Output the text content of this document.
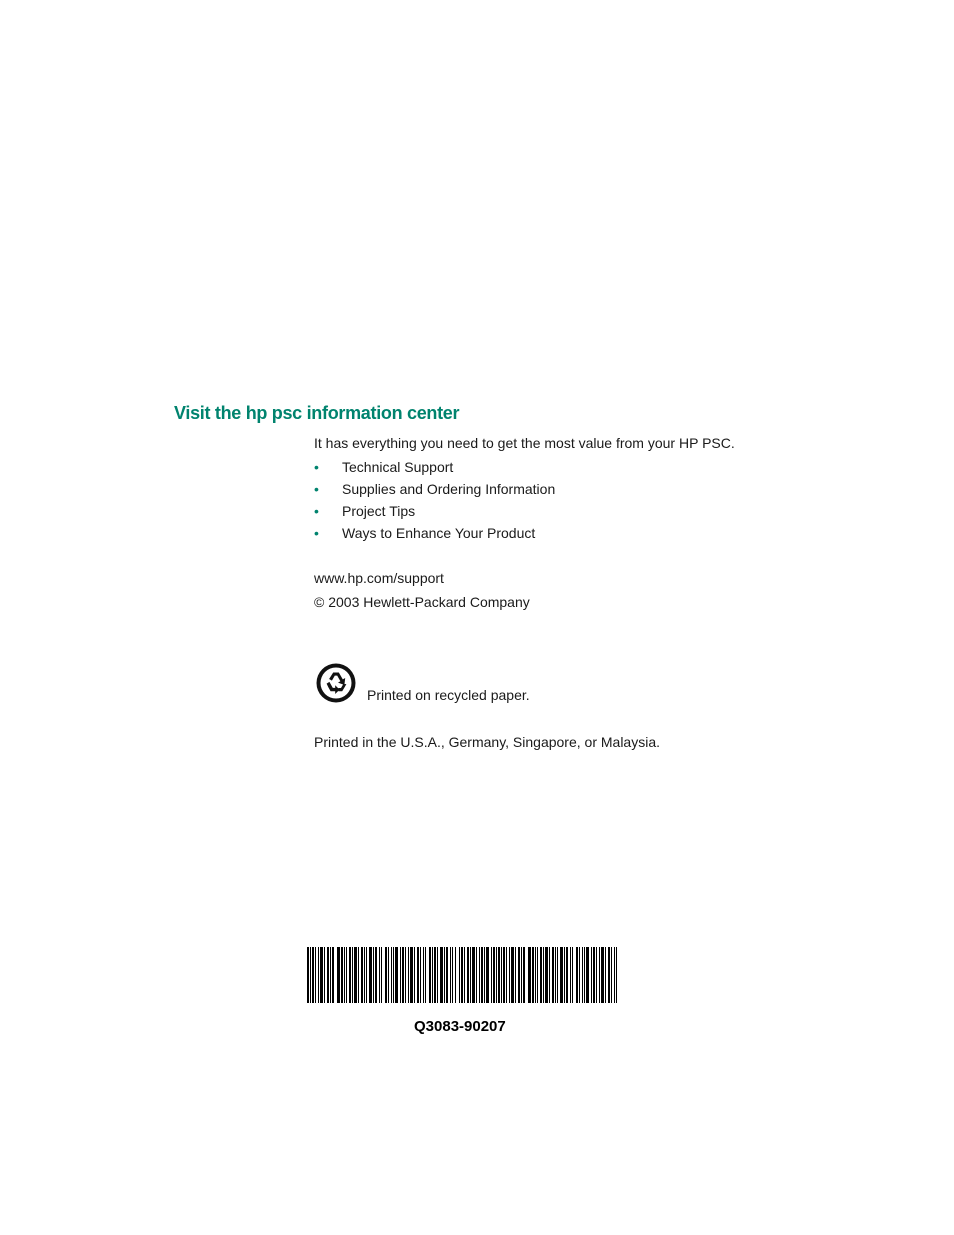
Visit the hp psc information center

It has everything you need to get the most value from your HP PSC.

• Technical Support
• Supplies and Ordering Information
• Project Tips
• Ways to Enhance Your Product

www.hp.com/support

© 2003 Hewlett-Packard Company

Printed on recycled paper.

Printed in the U.S.A., Germany, Singapore, or Malaysia.

Q3083-90207
